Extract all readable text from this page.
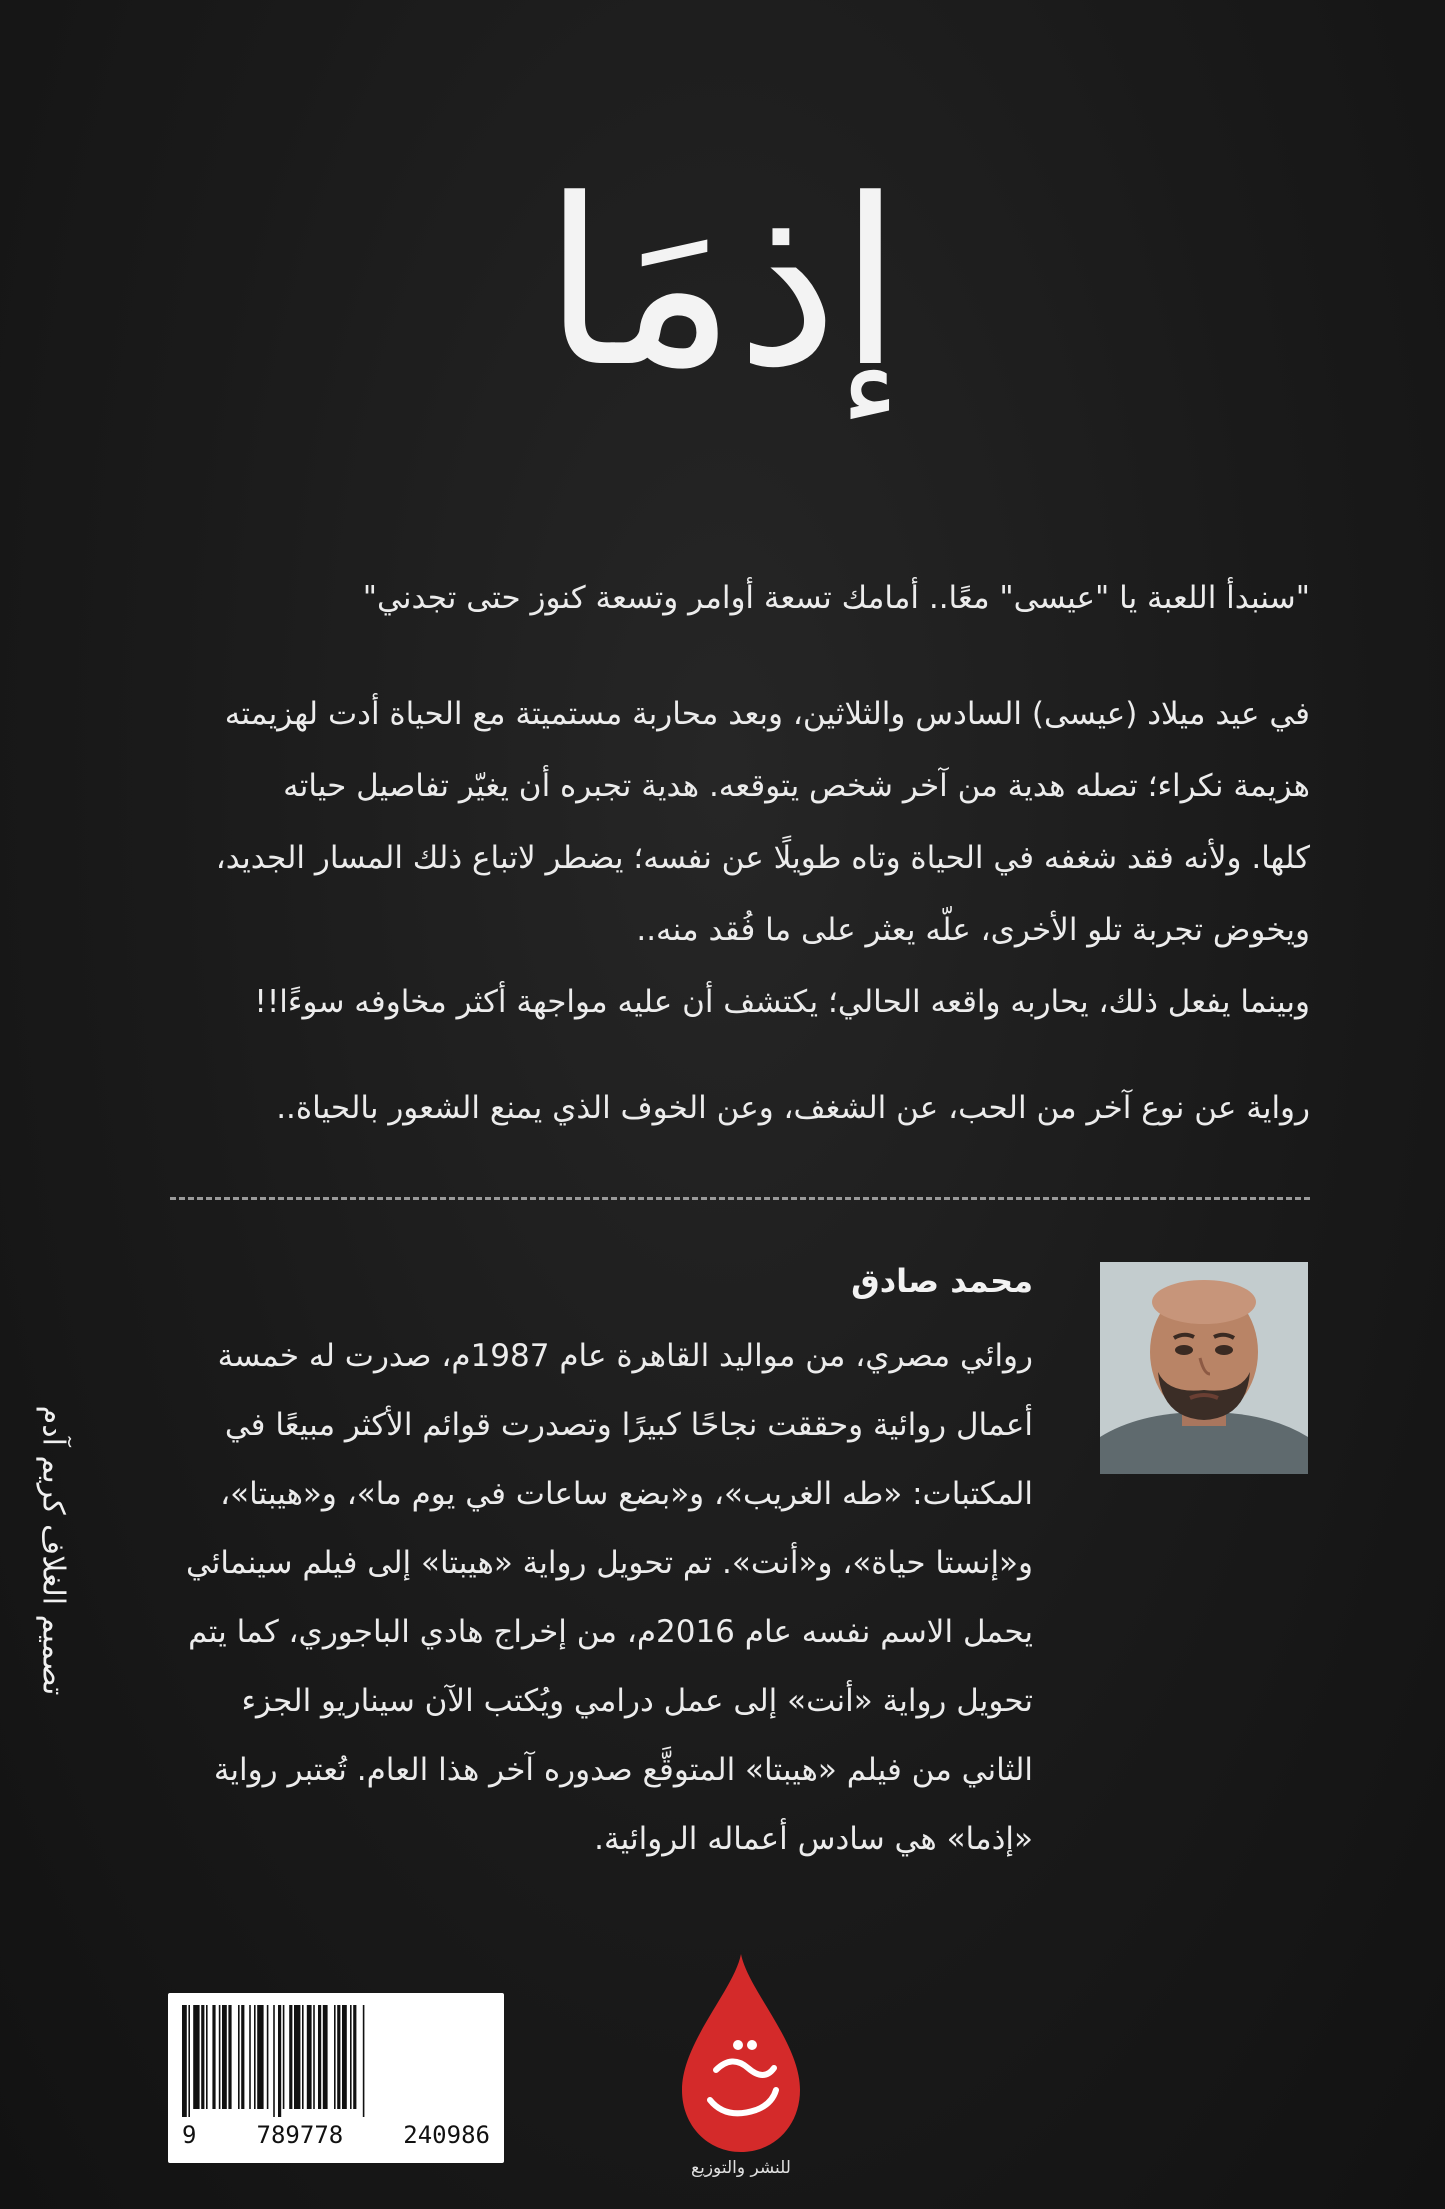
إذمَا
"سنبدأ اللعبة يا "عيسى" معًا.. أمامك تسعة أوامر وتسعة كنوز حتى تجدني"
في عيد ميلاد (عيسى) السادس والثلاثين، وبعد محاربة مستميتة مع الحياة أدت لهزيمته
هزيمة نكراء؛ تصله هدية من آخر شخص يتوقعه. هدية تجبره أن يغيّر تفاصيل حياته
كلها. ولأنه فقد شغفه في الحياة وتاه طويلًا عن نفسه؛ يضطر لاتباع ذلك المسار الجديد،
ويخوض تجربة تلو الأخرى، علّه يعثر على ما فُقد منه..
وبينما يفعل ذلك، يحاربه واقعه الحالي؛ يكتشف أن عليه مواجهة أكثر مخاوفه سوءًا!!
رواية عن نوع آخر من الحب، عن الشغف، وعن الخوف الذي يمنع الشعور بالحياة..
محمد صادق
روائي مصري، من مواليد القاهرة عام 1987م، صدرت له خمسة
أعمال روائية وحققت نجاحًا كبيرًا وتصدرت قوائم الأكثر مبيعًا في
المكتبات: «طه الغريب»، و«بضع ساعات في يوم ما»، و«هيبتا»،
و«إنستا حياة»، و«أنت». تم تحويل رواية «هيبتا» إلى فيلم سينمائي
يحمل الاسم نفسه عام 2016م، من إخراج هادي الباجوري، كما يتم
تحويل رواية «أنت» إلى عمل درامي ويُكتب الآن سيناريو الجزء
الثاني من فيلم «هيبتا» المتوقَّع صدوره آخر هذا العام. تُعتبر رواية
«إذما» هي سادس أعماله الروائية.
تصميم الغلاف كريم آدم
9	789778	240986
للنشر والتوزيع
